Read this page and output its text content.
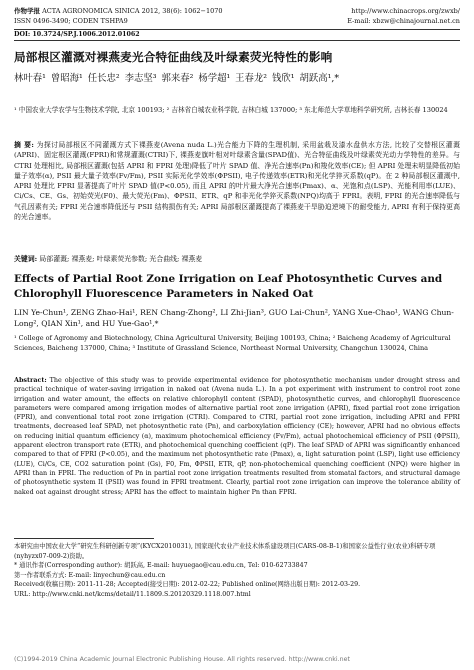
作物学报 ACTA AGRONOMICA SINICA 2012, 38(6): 1062−1070
ISSN 0496-3490; CODEN TSHPA9
http://www.chinacrops.org/zwxb/
E-mail: xbzw@chinajournal.net.cn
DOI: 10.3724/SP.J.1006.2012.01062
局部根区灌溉对裸燕麦光合特征曲线及叶绿素荧光特性的影响
林叶春¹ 曾昭海¹ 任长忠² 李志坚³ 郭来春² 杨学超¹ 王春龙² 钱欣¹ 胡跃高¹,*
¹ 中国农业大学农学与生物技术学院, 北京 100193; ² 吉林省白城农业科学院, 吉林白城 137000; ³ 东北师范大学草地科学研究所, 吉林长春 130024
摘 要: 为探讨局部根区不同灌溉方式下裸燕麦(Avena nuda L.)光合能力下降的生理机制, 采用盆栽及漆水盘供水方法, 比较了交替根区灌溉(APRI)、固定根区灌溉(FPRI)和常规灌溉(CTRI)下, 裸燕麦旗叶相对叶绿素含量(SPAD值)、光合特征曲线及叶绿素荧光动力学特性的差异。与 CTRI 处理相比, 局部根区灌溉(包括 APRI 和 FPRI 处理)降低了叶片 SPAD 值、净光合速率(Pn)和羧化效率(CE); 但 APRI 处理未明显降低初始量子效率(α), PSII 最大量子效率(Fv/Fm), PSII 实际光化学效率(ΦPSII), 电子传递效率(ETR)和光化学猝灭系数(qP)。在 2 种局部根区灌溉中, APRI 处理比 FPRI 显著提高了叶片 SPAD 值(P<0.05), 而且 APRI 的叶片最大净光合速率(Pmax)、α、光饱和点(LSP)、光能利用率(LUE)、Ci/Cs、CE、Gs、初始荧光(F0)、最大荧光(Fm)、ΦPSII、ETR、qP 和非光化学猝灭系数(NPQ)均高于 FPRI。表明, FPRI 的光合速率降低与气孔因素有关; FPRI 光合速率降低还与 PSII 结构损伤有关; APRI 局部根区灌溉提高了裸燕麦干旱胁迫逆境下的耐受能力, APRI 有利于保持更高的光合速率。
关键词: 局部灌溉; 裸燕麦; 叶绿素荧光参数; 光合曲线; 裸燕麦
Effects of Partial Root Zone Irrigation on Leaf Photosynthetic Curves and Chlorophyll Fluorescence Parameters in Naked Oat
LIN Ye-Chun¹, ZENG Zhao-Hai¹, REN Chang-Zhong², LI Zhi-Jian³, GUO Lai-Chun², YANG Xue-Chao¹, WANG Chun-Long², QIAN Xin¹, and HU Yue-Gao¹,*
¹ College of Agronomy and Biotechnology, China Agricultural University, Beijing 100193, China; ² Baicheng Academy of Agricultural Sciences, Baicheng 137000, China; ³ Institute of Grassland Science, Northeast Normal University, Changchun 130024, China
Abstract: The objective of this study was to provide experimental evidence for photosynthetic mechanism under drought stress and practical technique of water-saving irrigation in naked oat (Avena nuda L.). In a pot experiment with instrument to control root zone irrigation and water amount, the effects on relative chlorophyll content (SPAD), photosynthetic curves, and chlorophyll fluorescence parameters were compared among irrigation modes of alternative partial root zone irrigation (APRI), fixed partial root zone irrigation (FPRI), and conventional total root zone irrigation (CTRI). Compared to CTRI, partial root zone irrigation, including APRI and FPRI treatments, decreased leaf SPAD, net photosynthetic rate (Pn), and carboxylation efficiency (CE); however, APRI had no obvious effects on reducing initial quantum efficiency (α), maximum photochemical efficiency (Fv/Fm), actual photochemical efficiency of PSII (ΦPSII), apparent electron transport rate (ETR), and photochemical quenching coefficient (qP). The leaf SPAD of APRI was significantly enhanced compared to that of FPRI (P<0.05), and the maximum net photosynthetic rate (Pmax), α, light saturation point (LSP), light use efficiency (LUE), Ci/Cs, CE, CO2 saturation point (Gs), F0, Fm, ΦPSII, ETR, qP, non-photochemical quenching coefficient (NPQ) were higher in APRI than in FPRI. The reduction of Pn in partial root zone irrigation treatments resulted from stomatal factors, and structural damage of photosynthetic system II (PSII) was found in FPRI treatment. Clearly, partial root zone irrigation can improve the tolerance ability of naked oat against drought stress; APRI has the effect to maintain higher Pn than FPRI.

本研究由中国农业大学“研究生科研创新专项”(KYCX2010031), 国家现代农业产业技术体系建设项目(CARS-08-B-1)和国家公益性行业(农业)科研专项(nyhyzx07-009-2)资助。

* 通讯作者(Corresponding author): 胡跃高, E-mail: huyuegao@cau.edu.cn, Tel: 010-62733847

第一作者联系方式: E-mail: linyechun@cau.edu.cn

Received(收稿日期): 2011-11-28; Accepted(接受日期): 2012-02-22; Published online(网络出版日期): 2012-03-29.

URL: http://www.cnki.net/kcms/detail/11.1809.S.20120329.1118.007.html

(C)1994-2019 China Academic Journal Electronic Publishing House. All rights reserved. http://www.cnki.net
